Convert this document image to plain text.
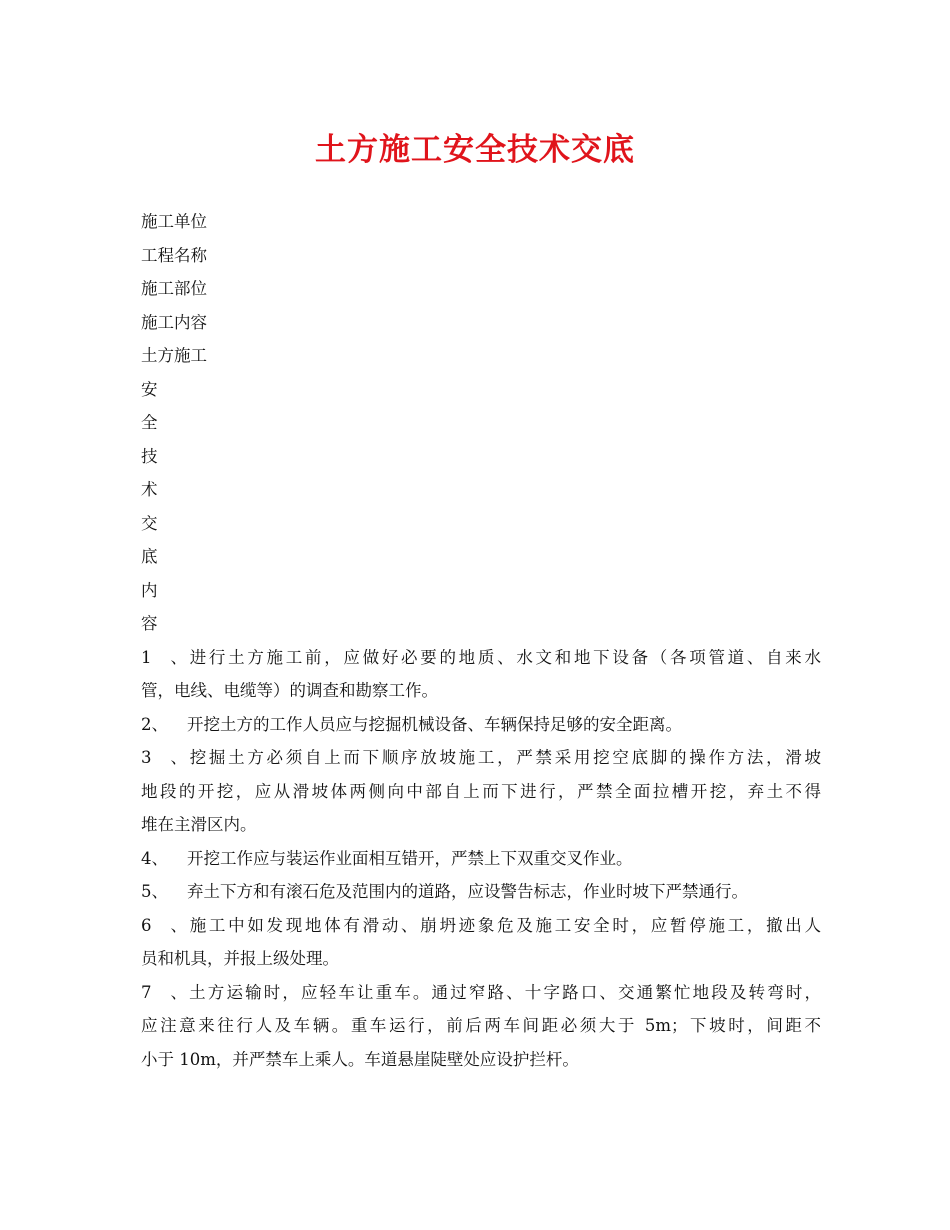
土方施工安全技术交底
施工单位
工程名称
施工部位
施工内容
土方施工
安
全
技
术
交
底
内
容
1、进行土方施工前，应做好必要的地质、水文和地下设备（各项管道、自来水
管，电线、电缆等）的调查和勘察工作。
2、 开挖土方的工作人员应与挖掘机械设备、车辆保持足够的安全距离。
3、挖掘土方必须自上而下顺序放坡施工，严禁采用挖空底脚的操作方法，滑坡
地段的开挖，应从滑坡体两侧向中部自上而下进行，严禁全面拉槽开挖，弃土不得
堆在主滑区内。
4、 开挖工作应与装运作业面相互错开，严禁上下双重交叉作业。
5、 弃土下方和有滚石危及范围内的道路，应设警告标志，作业时坡下严禁通行。
6、施工中如发现地体有滑动、崩坍迹象危及施工安全时，应暂停施工，撤出人
员和机具，并报上级处理。
7、土方运输时，应轻车让重车。通过窄路、十字路口、交通繁忙地段及转弯时，
应注意来往行人及车辆。重车运行，前后两车间距必须大于 5m；下坡时，间距不
小于 10m，并严禁车上乘人。车道悬崖陡壁处应设护拦杆。
